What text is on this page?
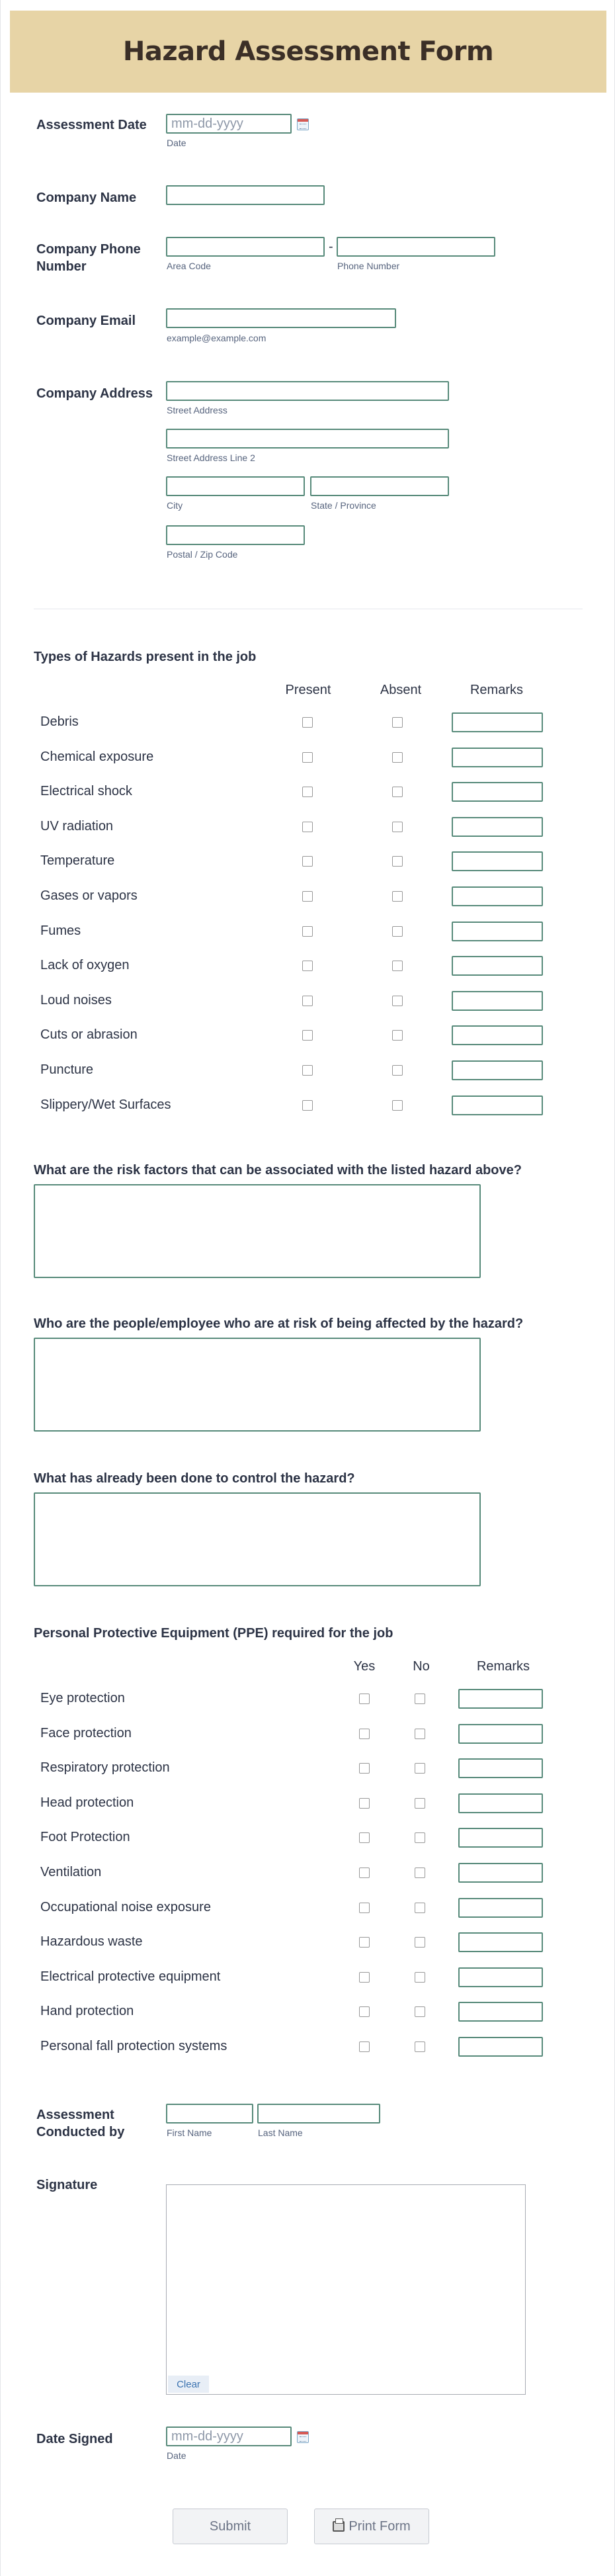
Hazard Assessment Form
Assessment Date
mm-dd-yyyy
Date
Company Name
Company Phone Number
-
Area Code	Phone Number
Company Email
example@example.com
Company Address
Street Address
Street Address Line 2
City	State / Province
Postal / Zip Code
Types of Hazards present in the job
Present	Absent	Remarks
Debris
Chemical exposure
Electrical shock
UV radiation
Temperature
Gases or vapors
Fumes
Lack of oxygen
Loud noises
Cuts or abrasion
Puncture
Slippery/Wet Surfaces
What are the risk factors that can be associated with the listed hazard above?
Who are the people/employee who are at risk of being affected by the hazard?
What has already been done to control the hazard?
Personal Protective Equipment (PPE) required for the job
Yes	No	Remarks
Eye protection
Face protection
Respiratory protection
Head protection
Foot Protection
Ventilation
Occupational noise exposure
Hazardous waste
Electrical protective equipment
Hand protection
Personal fall protection systems
Assessment Conducted by	First Name	Last Name
Signature
Clear
Date Signed
mm-dd-yyyy
Date
Submit	Print Form
